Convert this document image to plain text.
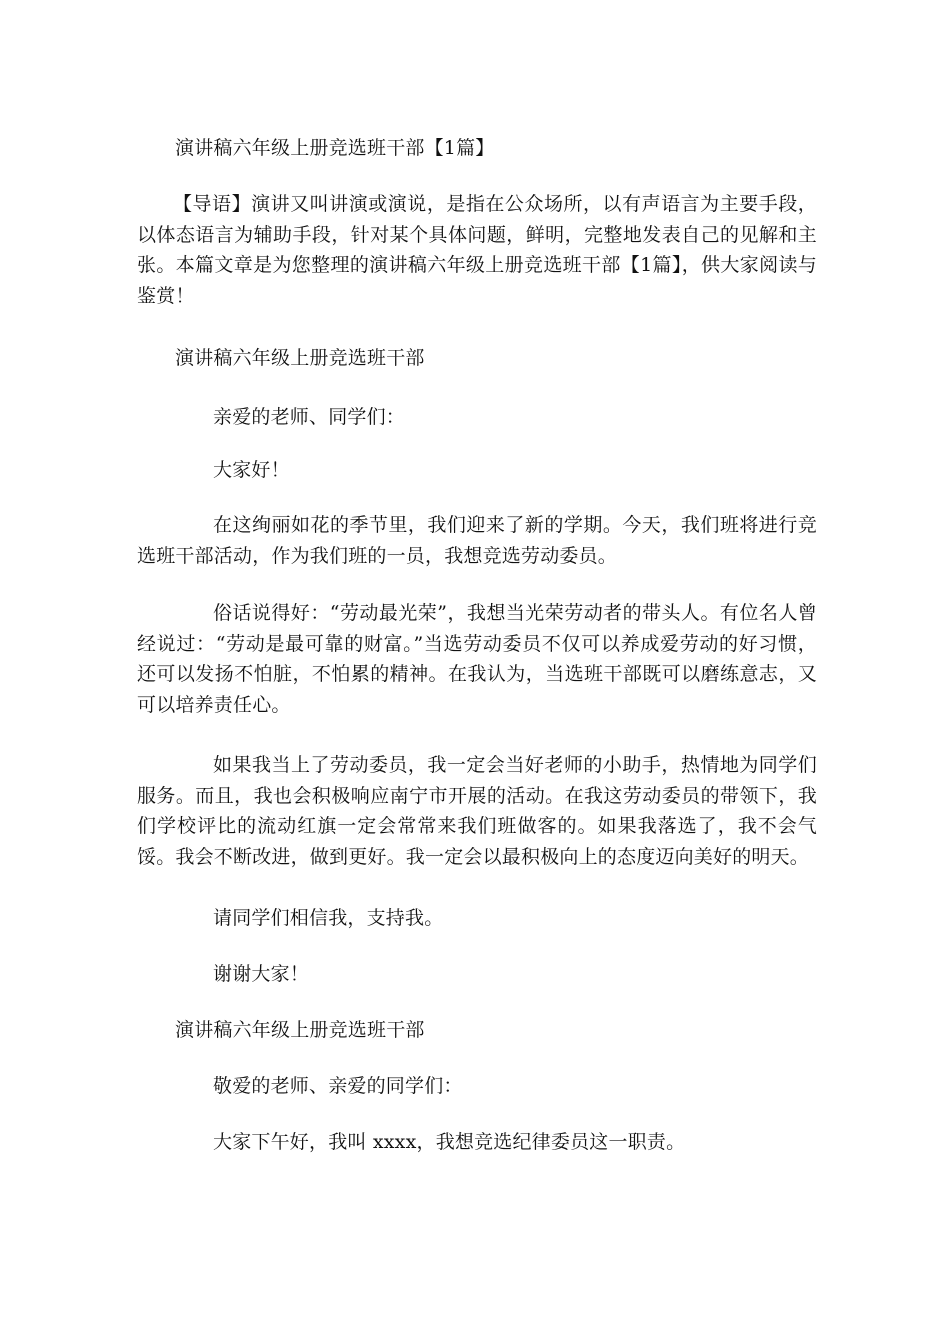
演讲稿六年级上册竞选班干部【1篇】
【导语】演讲又叫讲演或演说，是指在公众场所，以有声语言为主要手段，以体态语言为辅助手段，针对某个具体问题，鲜明，完整地发表自己的见解和主张。本篇文章是为您整理的演讲稿六年级上册竞选班干部【1篇】，供大家阅读与鉴赏！
演讲稿六年级上册竞选班干部
亲爱的老师、同学们：
大家好！
在这绚丽如花的季节里，我们迎来了新的学期。今天，我们班将进行竞选班干部活动，作为我们班的一员，我想竞选劳动委员。
俗话说得好：“劳动最光荣”，我想当光荣劳动者的带头人。有位名人曾经说过：“劳动是最可靠的财富。”当选劳动委员不仅可以养成爱劳动的好习惯，还可以发扬不怕脏，不怕累的精神。在我认为，当选班干部既可以磨练意志，又可以培养责任心。
如果我当上了劳动委员，我一定会当好老师的小助手，热情地为同学们服务。而且，我也会积极响应南宁市开展的活动。在我这劳动委员的带领下，我们学校评比的流动红旗一定会常常来我们班做客的。如果我落选了，我不会气馁。我会不断改进，做到更好。我一定会以最积极向上的态度迈向美好的明天。
请同学们相信我，支持我。
谢谢大家！
演讲稿六年级上册竞选班干部
敬爱的老师、亲爱的同学们：
大家下午好，我叫 xxxx，我想竞选纪律委员这一职责。
